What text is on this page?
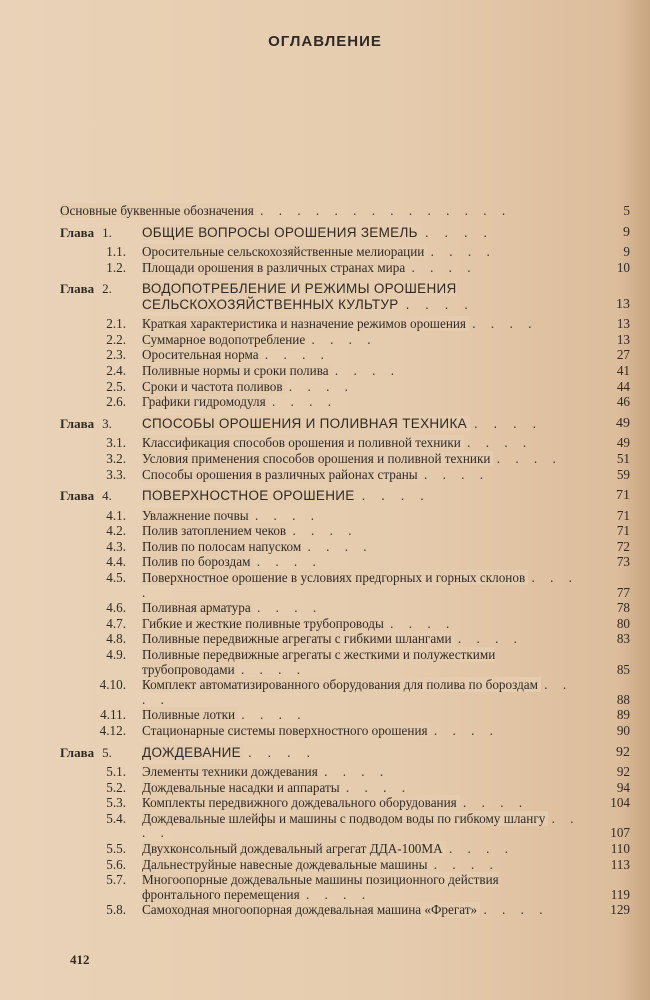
ОГЛАВЛЕНИЕ
Основные буквенные обозначения . . . . . . . . . . . . . .	5
Глава 1.	ОБЩИЕ ВОПРОСЫ ОРОШЕНИЯ ЗЕМЕЛЬ . . . .	9
1.1. Оросительные сельскохозяйственные мелиорации . . . .	9
1.2. Площади орошения в различных странах мира . . . .	10
Глава 2.	ВОДОПОТРЕБЛЕНИЕ И РЕЖИМЫ ОРОШЕНИЯ СЕЛЬСКОХОЗЯЙСТВЕННЫХ КУЛЬТУР . . . .	13
2.1. Краткая характеристика и назначение режимов орошения . . . .	13
2.2. Суммарное водопотребление . . . .	13
2.3. Оросительная норма . . . .	27
2.4. Поливные нормы и сроки полива . . . .	41
2.5. Сроки и частота поливов . . . .	44
2.6. Графики гидромодуля . . . .	46
Глава 3.	СПОСОБЫ ОРОШЕНИЯ И ПОЛИВНАЯ ТЕХНИКА . . . .	49
3.1. Классификация способов орошения и поливной техники . . . .	49
3.2. Условия применения способов орошения и поливной техники . . . .	51
3.3. Способы орошения в различных районах страны . . . .	59
Глава 4.	ПОВЕРХНОСТНОЕ ОРОШЕНИЕ . . . .	71
4.1. Увлажнение почвы . . . .	71
4.2. Полив затоплением чеков . . . .	71
4.3. Полив по полосам напуском . . . .	72
4.4. Полив по бороздам . . . .	73
4.5. Поверхностное орошение в условиях предгорных и горных склонов . . . .	77
4.6. Поливная арматура . . . .	78
4.7. Гибкие и жесткие поливные трубопроводы . . . .	80
4.8. Поливные передвижные агрегаты с гибкими шлангами . . . .	83
4.9. Поливные передвижные агрегаты с жесткими и полужесткими трубопроводами . . . .	85
4.10. Комплект автоматизированного оборудования для полива по бороздам . . . .	88
4.11. Поливные лотки . . . .	89
4.12. Стационарные системы поверхностного орошения . . . .	90
Глава 5.	ДОЖДЕВАНИЕ . . . .	92
5.1. Элементы техники дождевания . . . .	92
5.2. Дождевальные насадки и аппараты . . . .	94
5.3. Комплекты передвижного дождевального оборудования . . . .	104
5.4. Дождевальные шлейфы и машины с подводом воды по гибкому шлангу . . . .	107
5.5. Двухконсольный дождевальный агрегат ДДА-100МА . . . .	110
5.6. Дальнеструйные навесные дождевальные машины . . . .	113
5.7. Многоопорные дождевальные машины позиционного действия фронтального перемещения . . . .	119
5.8. Самоходная многоопорная дождевальная машина «Фрегат» . . . .	129
412
